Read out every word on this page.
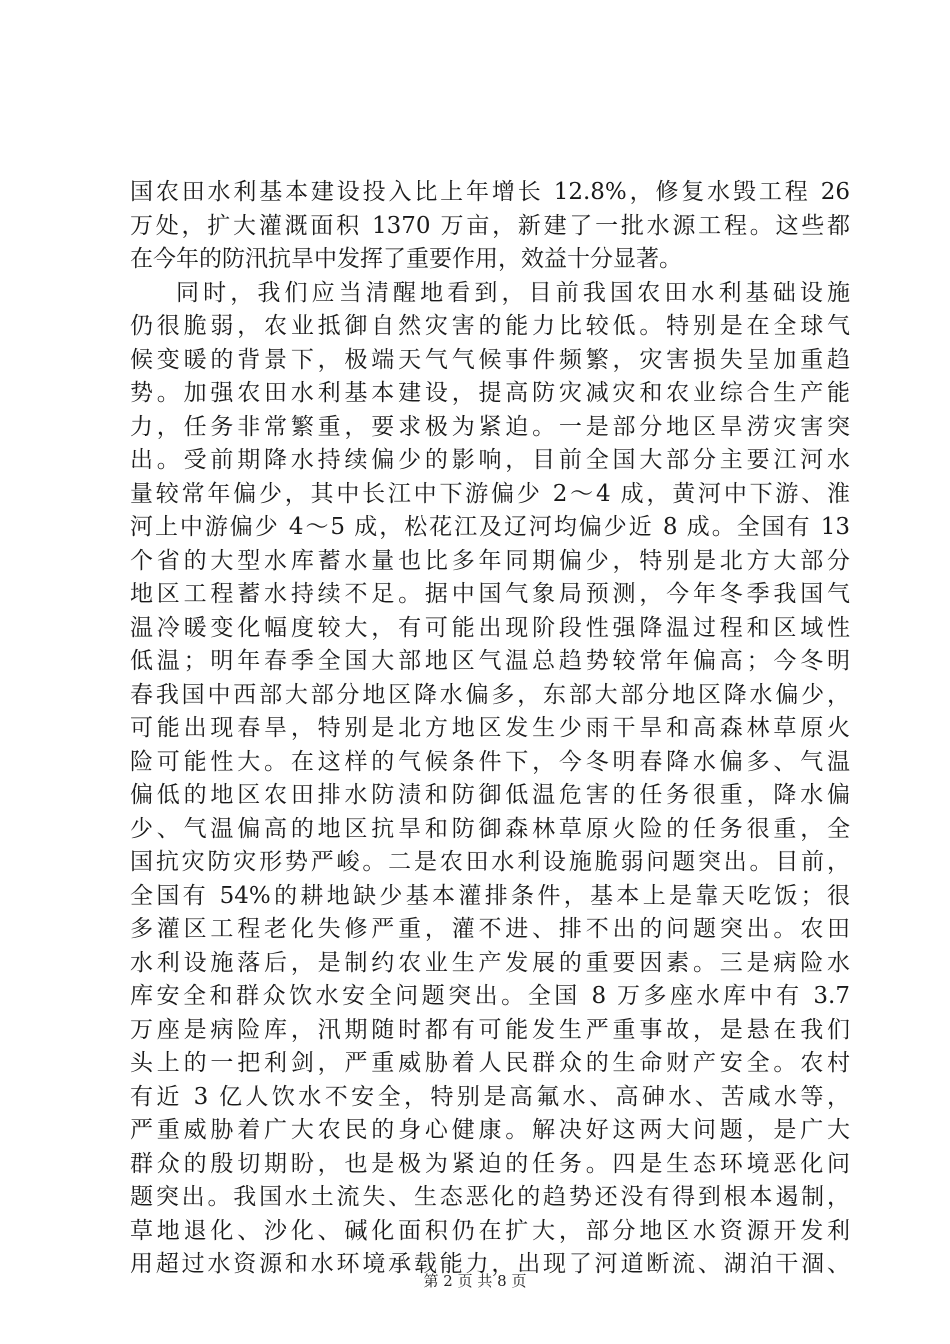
国农田水利基本建设投入比上年增长 12.8%，修复水毁工程 26
万处，扩大灌溉面积 1370 万亩，新建了一批水源工程。这些都
在今年的防汛抗旱中发挥了重要作用，效益十分显著。
同时，我们应当清醒地看到，目前我国农田水利基础设施
仍很脆弱，农业抵御自然灾害的能力比较低。特别是在全球气
候变暖的背景下，极端天气气候事件频繁，灾害损失呈加重趋
势。加强农田水利基本建设，提高防灾减灾和农业综合生产能
力，任务非常繁重，要求极为紧迫。一是部分地区旱涝灾害突
出。受前期降水持续偏少的影响，目前全国大部分主要江河水
量较常年偏少，其中长江中下游偏少 2～4 成，黄河中下游、淮
河上中游偏少 4～5 成，松花江及辽河均偏少近 8 成。全国有 13
个省的大型水库蓄水量也比多年同期偏少，特别是北方大部分
地区工程蓄水持续不足。据中国气象局预测，今年冬季我国气
温冷暖变化幅度较大，有可能出现阶段性强降温过程和区域性
低温；明年春季全国大部地区气温总趋势较常年偏高；今冬明
春我国中西部大部分地区降水偏多，东部大部分地区降水偏少，
可能出现春旱，特别是北方地区发生少雨干旱和高森林草原火
险可能性大。在这样的气候条件下，今冬明春降水偏多、气温
偏低的地区农田排水防渍和防御低温危害的任务很重，降水偏
少、气温偏高的地区抗旱和防御森林草原火险的任务很重，全
国抗灾防灾形势严峻。二是农田水利设施脆弱问题突出。目前，
全国有 54%的耕地缺少基本灌排条件，基本上是靠天吃饭；很
多灌区工程老化失修严重，灌不进、排不出的问题突出。农田
水利设施落后，是制约农业生产发展的重要因素。三是病险水
库安全和群众饮水安全问题突出。全国 8 万多座水库中有 3.7
万座是病险库，汛期随时都有可能发生严重事故，是悬在我们
头上的一把利剑，严重威胁着人民群众的生命财产安全。农村
有近 3 亿人饮水不安全，特别是高氟水、高砷水、苦咸水等，
严重威胁着广大农民的身心健康。解决好这两大问题，是广大
群众的殷切期盼，也是极为紧迫的任务。四是生态环境恶化问
题突出。我国水土流失、生态恶化的趋势还没有得到根本遏制，
草地退化、沙化、碱化面积仍在扩大，部分地区水资源开发利
用超过水资源和水环境承载能力，出现了河道断流、湖泊干涸、
第 2 页 共 8 页
